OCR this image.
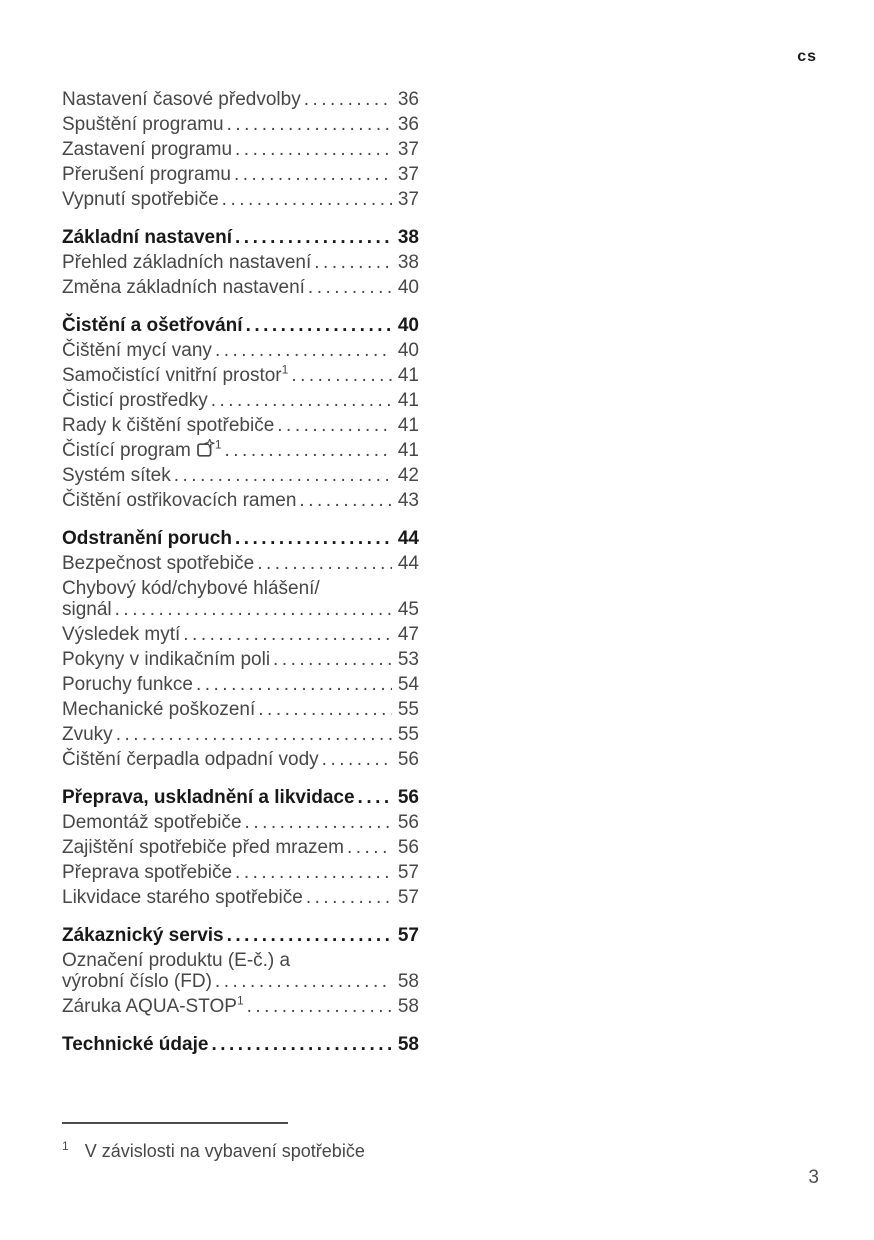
cs
Nastavení časové předvolby .....	36
Spuštění programu .....	36
Zastavení programu .....	37
Přerušení programu .....	37
Vypnutí spotřebiče .....	37
Základní nastavení .....	38
Přehled základních nastavení .....	38
Změna základních nastavení .....	40
Čistění a ošetřování .....	40
Čištění mycí vany .....	40
Samočistící vnitřní prostor$^1$ .....	41
Čisticí prostředky .....	41
Rady k čištění spotřebiče .....	41
Čistící program $^1$ .....	41
Systém sítek .....	42
Čištění ostřikovacích ramen .....	43
Odstranění poruch .....	44
Bezpečnost spotřebiče .....	44
Chybový kód/chybové hlášení/
signál .....	45
Výsledek mytí .....	47
Pokyny v indikačním poli .....	53
Poruchy funkce .....	54
Mechanické poškození .....	55
Zvuky .....	55
Čištění čerpadla odpadní vody .....	56
Přeprava, uskladnění a likvidace ..... 56
Demontáž spotřebiče .....	56
Zajištění spotřebiče před mrazem .....	56
Přeprava spotřebiče .....	57
Likvidace starého spotřebiče .....	57
Zákaznický servis .....	57
Označení produktu (E-č.) a
výrobní číslo (FD) .....	58
Záruka AQUA-STOP$^1$ .....	58
Technické údaje .....	58
$^1$ V závislosti na vybavení spotřebiče
3
